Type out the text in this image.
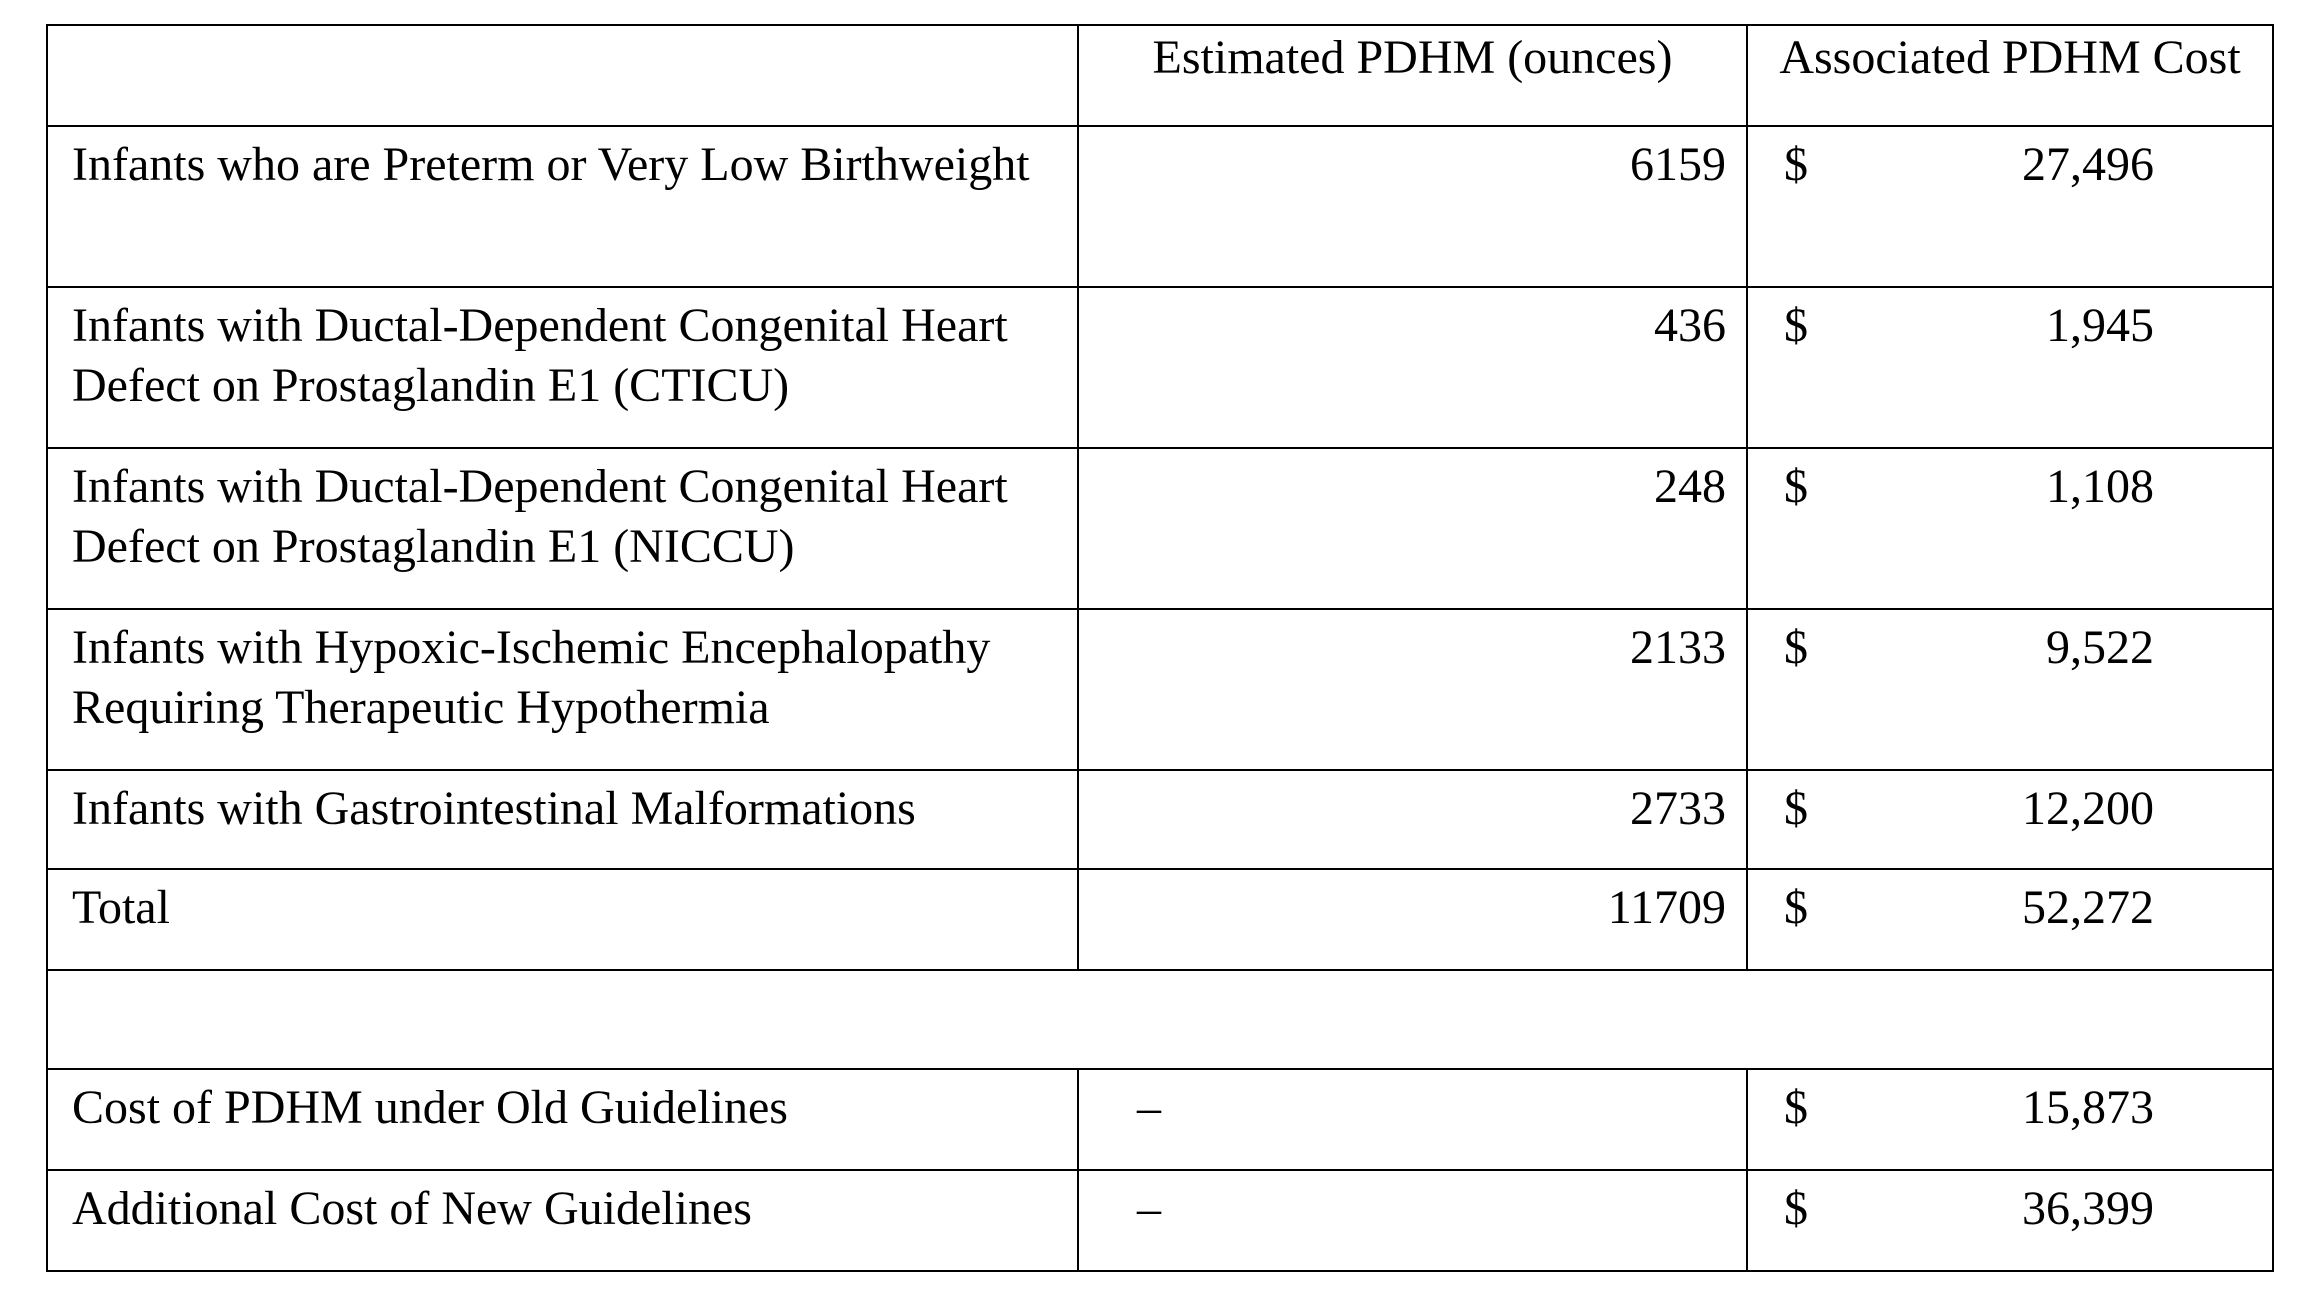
	Estimated PDHM (ounces)	Associated PDHM Cost
Infants who are Preterm or Very Low Birthweight	6159	$ 27,496

Infants with Ductal-Dependent Congenital Heart Defect on Prostaglandin E1 (CTICU)	436	$ 1,945

Infants with Ductal-Dependent Congenital Heart Defect on Prostaglandin E1 (NICCU)	248	$ 1,108

Infants with Hypoxic-Ischemic Encephalopathy Requiring Therapeutic Hypothermia	2133	$ 9,522

Infants with Gastrointestinal Malformations	2733	$ 12,200

Total	11709	$ 52,272

Cost of PDHM under Old Guidelines	–	$ 15,873

Additional Cost of New Guidelines	–	$ 36,399
